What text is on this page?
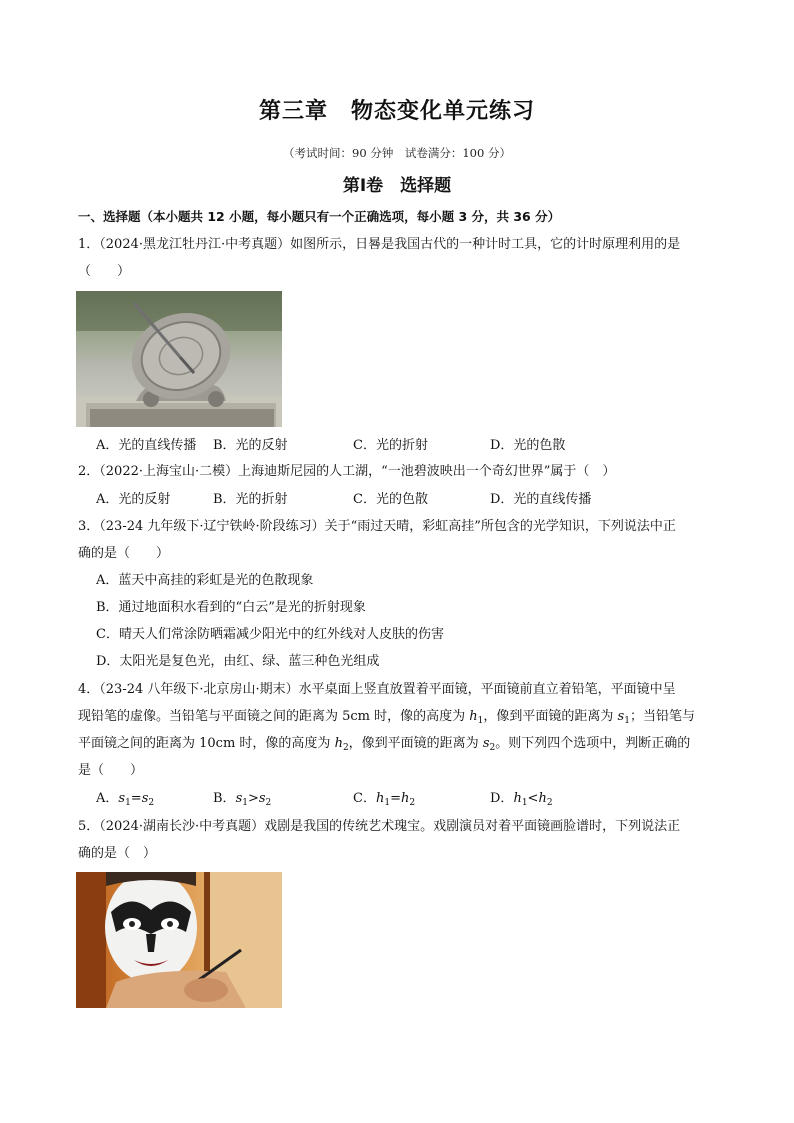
第三章　物态变化单元练习
（考试时间：90 分钟　试卷满分：100 分）
第Ⅰ卷　选择题
一、选择题（本小题共 12 小题，每小题只有一个正确选项，每小题 3 分，共 36 分）
1．（2024·黑龙江牡丹江·中考真题）如图所示，日晷是我国古代的一种计时工具，它的计时原理利用的是
（　　）
A．光的直线传播 B．光的反射	C．光的折射	D．光的色散
2．（2022·上海宝山·二模）上海迪斯尼园的人工湖，“一池碧波映出一个奇幻世界”属于（　）
A．光的反射	B．光的折射	C．光的色散	D．光的直线传播
3．（23-24 九年级下·辽宁铁岭·阶段练习）关于“雨过天晴，彩虹高挂”所包含的光学知识，下列说法中正
确的是（　　）
A．蓝天中高挂的彩虹是光的色散现象
B．通过地面积水看到的“白云”是光的折射现象
C．晴天人们常涂防晒霜减少阳光中的红外线对人皮肤的伤害
D．太阳光是复色光，由红、绿、蓝三种色光组成
4．（23-24 八年级下·北京房山·期末）水平桌面上竖直放置着平面镜，平面镜前直立着铅笔，平面镜中呈
现铅笔的虚像。当铅笔与平面镜之间的距离为 5cm 时，像的高度为 $h_1$，像到平面镜的距离为 $s_1$；当铅笔与
平面镜之间的距离为 10cm 时，像的高度为 $h_2$，像到平面镜的距离为 $s_2$。则下列四个选项中，判断正确的
是（　　）
A．$s_1=s_2$	B．$s_1>s_2$	C．$h_1=h_2$	D．$h_1<h_2$
5．（2024·湖南长沙·中考真题）戏剧是我国的传统艺术瑰宝。戏剧演员对着平面镜画脸谱时，下列说法正
确的是（　）
